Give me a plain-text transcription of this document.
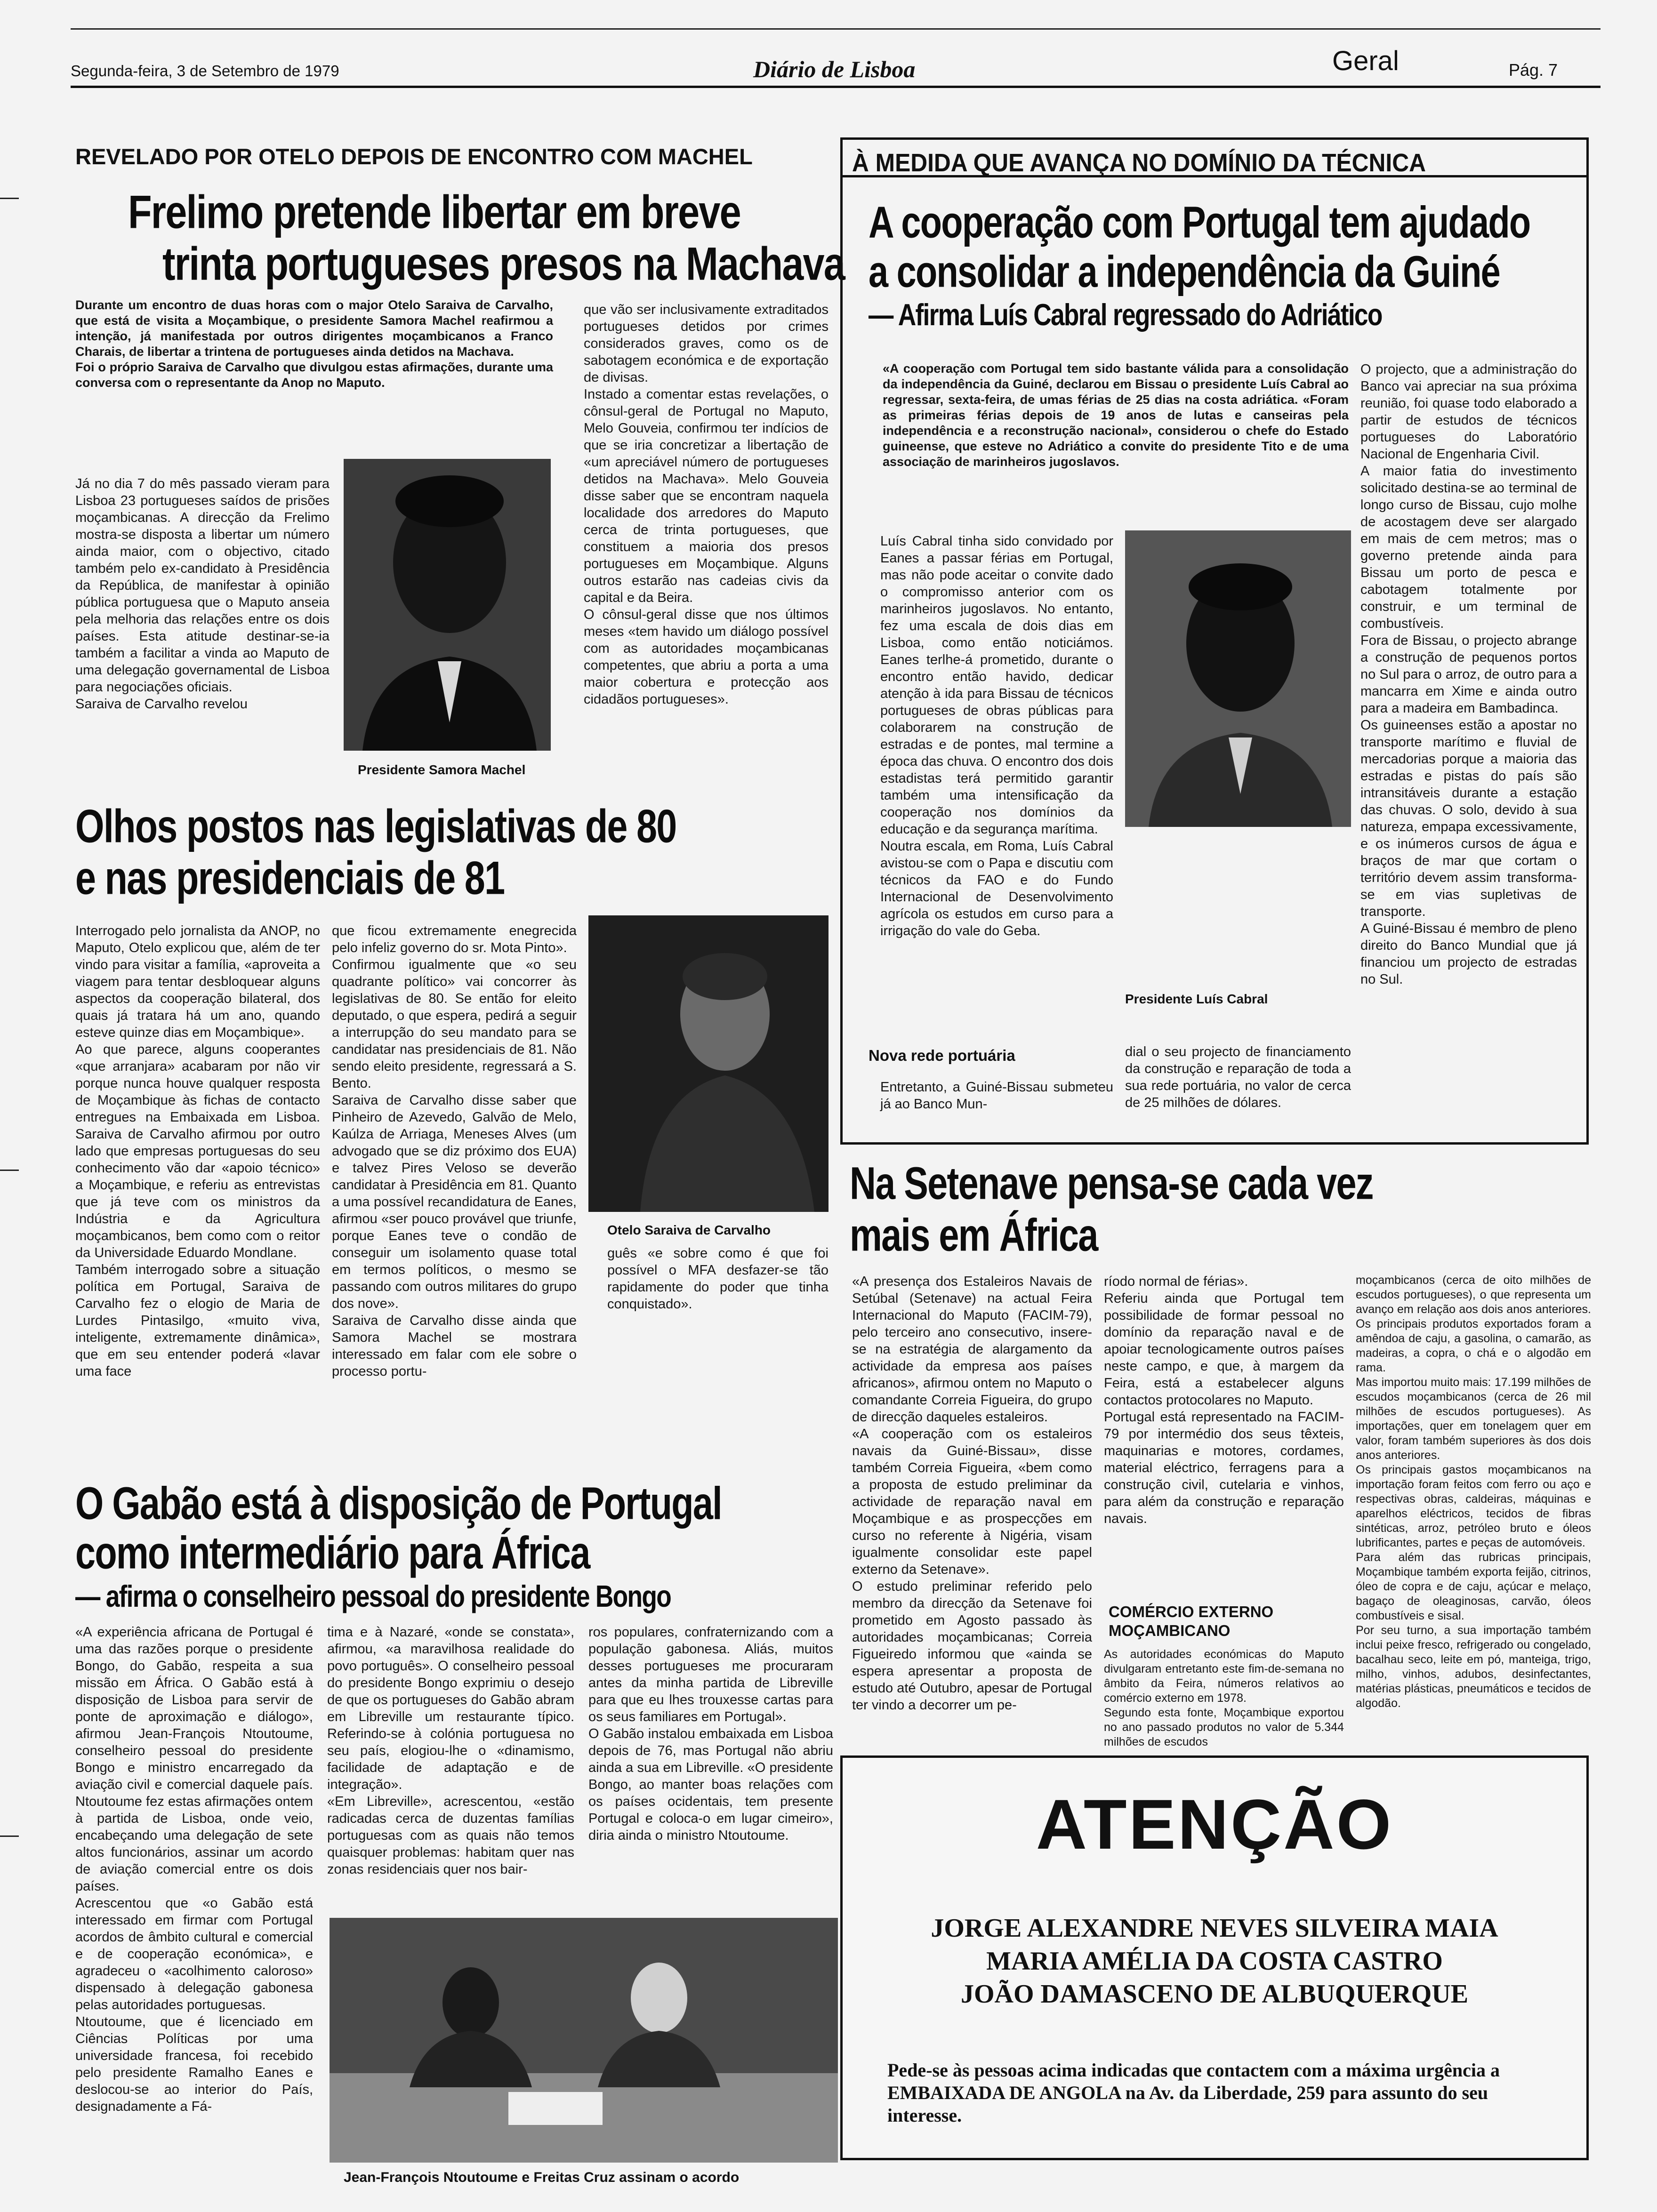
Segunda-feira, 3 de Setembro de 1979	Diário de Lisboa	Geral	Pág. 7
REVELADO POR OTELO DEPOIS DE ENCONTRO COM MACHEL
Frelimo pretende libertar em breve
trinta portugueses presos na Machava
Durante um encontro de duas horas com o major Otelo Saraiva de Carvalho, que está de visita a Moçambique, o presidente Samora Machel reafirmou a intenção, já manifestada por outros dirigentes moçambicanos a Franco Charais, de libertar a trintena de portugueses ainda detidos na Machava.
Foi o próprio Saraiva de Carvalho que divulgou estas afirmações, durante uma conversa com o representante da Anop no Maputo.
Já no dia 7 do mês passado vieram para Lisboa 23 portugueses saídos de prisões moçambicanas. A direcção da Frelimo mostra-se disposta a libertar um número ainda maior, com o objectivo, citado também pelo ex-candidato à Presidência da República, de manifestar à opinião pública portuguesa que o Maputo anseia pela melhoria das relações entre os dois países. Esta atitude destinar-se-ia também a facilitar a vinda ao Maputo de uma delegação governamental de Lisboa para negociações oficiais.
Saraiva de Carvalho revelou
Presidente Samora Machel
que vão ser inclusivamente extraditados portugueses detidos por crimes considerados graves, como os de sabotagem económica e de exportação de divisas.
Instado a comentar estas revelações, o cônsul-geral de Portugal no Maputo, Melo Gouveia, confirmou ter indícios de que se iria concretizar a libertação de «um apreciável número de portugueses detidos na Machava». Melo Gouveia disse saber que se encontram naquela localidade dos arredores do Maputo cerca de trinta portugueses, que constituem a maioria dos presos portugueses em Moçambique. Alguns outros estarão nas cadeias civis da capital e da Beira.
O cônsul-geral disse que nos últimos meses «tem havido um diálogo possível com as autoridades moçambicanas competentes, que abriu a porta a uma maior cobertura e protecção aos cidadãos portugueses».
Olhos postos nas legislativas de 80
e nas presidenciais de 81
Interrogado pelo jornalista da ANOP, no Maputo, Otelo explicou que, além de ter vindo para visitar a família, «aproveita a viagem para tentar desbloquear alguns aspectos da cooperação bilateral, dos quais já tratara há um ano, quando esteve quinze dias em Moçambique».
Ao que parece, alguns cooperantes «que arranjara» acabaram por não vir porque nunca houve qualquer resposta de Moçambique às fichas de contacto entregues na Embaixada em Lisboa. Saraiva de Carvalho afirmou por outro lado que empresas portuguesas do seu conhecimento vão dar «apoio técnico» a Moçambique, e referiu as entrevistas que já teve com os ministros da Indústria e da Agricultura moçambicanos, bem como com o reitor da Universidade Eduardo Mondlane.
Também interrogado sobre a situação política em Portugal, Saraiva de Carvalho fez o elogio de Maria de Lurdes Pintasilgo, «muito viva, inteligente, extremamente dinâmica», que em seu entender poderá «lavar uma face
que ficou extremamente enegrecida pelo infeliz governo do sr. Mota Pinto».
Confirmou igualmente que «o seu quadrante político» vai concorrer às legislativas de 80. Se então for eleito deputado, o que espera, pedirá a seguir a interrupção do seu mandato para se candidatar nas presidenciais de 81. Não sendo eleito presidente, regressará a S. Bento.
Saraiva de Carvalho disse saber que Pinheiro de Azevedo, Galvão de Melo, Kaúlza de Arriaga, Meneses Alves (um advogado que se diz próximo dos EUA) e talvez Pires Veloso se deverão candidatar à Presidência em 81. Quanto a uma possível recandidatura de Eanes, afirmou «ser pouco provável que triunfe, porque Eanes teve o condão de conseguir um isolamento quase total em termos políticos, o mesmo se passando com outros militares do grupo dos nove».
Saraiva de Carvalho disse ainda que Samora Machel se mostrara interessado em falar com ele sobre o processo portu-
Otelo Saraiva de Carvalho
guês «e sobre como é que foi possível o MFA desfazer-se tão rapidamente do poder que tinha conquistado».
O Gabão está à disposição de Portugal
como intermediário para África
— afirma o conselheiro pessoal do presidente Bongo
«A experiência africana de Portugal é uma das razões porque o presidente Bongo, do Gabão, respeita a sua missão em África. O Gabão está à disposição de Lisboa para servir de ponte de aproximação e diálogo», afirmou Jean-François Ntoutoume, conselheiro pessoal do presidente Bongo e ministro encarregado da aviação civil e comercial daquele país. Ntoutoume fez estas afirmações ontem à partida de Lisboa, onde veio, encabeçando uma delegação de sete altos funcionários, assinar um acordo de aviação comercial entre os dois países.
Acrescentou que «o Gabão está interessado em firmar com Portugal acordos de âmbito cultural e comercial e de cooperação económica», e agradeceu o «acolhimento caloroso» dispensado à delegação gabonesa pelas autoridades portuguesas.
Ntoutoume, que é licenciado em Ciências Políticas por uma universidade francesa, foi recebido pelo presidente Ramalho Eanes e deslocou-se ao interior do País, designadamente a Fá-
tima e à Nazaré, «onde se constata», afirmou, «a maravilhosa realidade do povo português». O conselheiro pessoal do presidente Bongo exprimiu o desejo de que os portugueses do Gabão abram em Libreville um restaurante típico. Referindo-se à colónia portuguesa no seu país, elogiou-lhe o «dinamismo, facilidade de adaptação e de integração».
«Em Libreville», acrescentou, «estão radicadas cerca de duzentas famílias portuguesas com as quais não temos quaisquer problemas: habitam quer nas zonas residenciais quer nos bair-
ros populares, confraternizando com a população gabonesa. Aliás, muitos desses portugueses me procuraram antes da minha partida de Libreville para que eu lhes trouxesse cartas para os seus familiares em Portugal».
O Gabão instalou embaixada em Lisboa depois de 76, mas Portugal não abriu ainda a sua em Libreville. «O presidente Bongo, ao manter boas relações com os países ocidentais, tem presente Portugal e coloca-o em lugar cimeiro», diria ainda o ministro Ntoutoume.
Jean-François Ntoutoume e Freitas Cruz assinam o acordo
À MEDIDA QUE AVANÇA NO DOMÍNIO DA TÉCNICA
A cooperação com Portugal tem ajudado
a consolidar a independência da Guiné
— Afirma Luís Cabral regressado do Adriático
«A cooperação com Portugal tem sido bastante válida para a consolidação da independência da Guiné, declarou em Bissau o presidente Luís Cabral ao regressar, sexta-feira, de umas férias de 25 dias na costa adriática. «Foram as primeiras férias depois de 19 anos de lutas e canseiras pela independência e a reconstrução nacional», considerou o chefe do Estado guineense, que esteve no Adriático a convite do presidente Tito e de uma associação de marinheiros jugoslavos.
Luís Cabral tinha sido convidado por Eanes a passar férias em Portugal, mas não pode aceitar o convite dado o compromisso anterior com os marinheiros jugoslavos. No entanto, fez uma escala de dois dias em Lisboa, como então noticiámos. Eanes terlhe-á prometido, durante o encontro então havido, dedicar atenção à ida para Bissau de técnicos portugueses de obras públicas para colaborarem na construção de estradas e de pontes, mal termine a época das chuva. O encontro dos dois estadistas terá permitido garantir também uma intensificação da cooperação nos domínios da educação e da segurança marítima.
Noutra escala, em Roma, Luís Cabral avistou-se com o Papa e discutiu com técnicos da FAO e do Fundo Internacional de Desenvolvimento agrícola os estudos em curso para a irrigação do vale do Geba.
Nova rede portuária
Entretanto, a Guiné-Bissau submeteu já ao Banco Mun-
Presidente Luís Cabral
dial o seu projecto de financiamento da construção e reparação de toda a sua rede portuária, no valor de cerca de 25 milhões de dólares.
O projecto, que a administração do Banco vai apreciar na sua próxima reunião, foi quase todo elaborado a partir de estudos de técnicos portugueses do Laboratório Nacional de Engenharia Civil.
A maior fatia do investimento solicitado destina-se ao terminal de longo curso de Bissau, cujo molhe de acostagem deve ser alargado em mais de cem metros; mas o governo pretende ainda para Bissau um porto de pesca e cabotagem totalmente por construir, e um terminal de combustíveis.
Fora de Bissau, o projecto abrange a construção de pequenos portos no Sul para o arroz, de outro para a mancarra em Xime e ainda outro para a madeira em Bambadinca.
Os guineenses estão a apostar no transporte marítimo e fluvial de mercadorias porque a maioria das estradas e pistas do país são intransitáveis durante a estação das chuvas. O solo, devido à sua natureza, empapa excessivamente, e os inúmeros cursos de água e braços de mar que cortam o território devem assim transforma-se em vias supletivas de transporte.
A Guiné-Bissau é membro de pleno direito do Banco Mundial que já financiou um projecto de estradas no Sul.
Na Setenave pensa-se cada vez
mais em África
«A presença dos Estaleiros Navais de Setúbal (Setenave) na actual Feira Internacional do Maputo (FACIM-79), pelo terceiro ano consecutivo, insere-se na estratégia de alargamento da actividade da empresa aos países africanos», afirmou ontem no Maputo o comandante Correia Figueira, do grupo de direcção daqueles estaleiros.
«A cooperação com os estaleiros navais da Guiné-Bissau», disse também Correia Figueira, «bem como a proposta de estudo preliminar da actividade de reparação naval em Moçambique e as prospecções em curso no referente à Nigéria, visam igualmente consolidar este papel externo da Setenave».
O estudo preliminar referido pelo membro da direcção da Setenave foi prometido em Agosto passado às autoridades moçambicanas; Correia Figueiredo informou que «ainda se espera apresentar a proposta de estudo até Outubro, apesar de Portugal ter vindo a decorrer um pe-
ríodo normal de férias».
Referiu ainda que Portugal tem possibilidade de formar pessoal no domínio da reparação naval e de apoiar tecnologicamente outros países neste campo, e que, à margem da Feira, está a estabelecer alguns contactos protocolares no Maputo.
Portugal está representado na FACIM-79 por intermédio dos seus têxteis, maquinarias e motores, cordames, material eléctrico, ferragens para a construção civil, cutelaria e vinhos, para além da construção e reparação navais.
COMÉRCIO EXTERNO MOÇAMBICANO
As autoridades económicas do Maputo divulgaram entretanto este fim-de-semana no âmbito da Feira, números relativos ao comércio externo em 1978.
Segundo esta fonte, Moçambique exportou no ano passado produtos no valor de 5.344 milhões de escudos
moçambicanos (cerca de oito milhões de escudos portugueses), o que representa um avanço em relação aos dois anos anteriores. Os principais produtos exportados foram a amêndoa de caju, a gasolina, o camarão, as madeiras, a copra, o chá e o algodão em rama.
Mas importou muito mais: 17.199 milhões de escudos moçambicanos (cerca de 26 mil milhões de escudos portugueses). As importações, quer em tonelagem quer em valor, foram também superiores às dos dois anos anteriores.
Os principais gastos moçambicanos na importação foram feitos com ferro ou aço e respectivas obras, caldeiras, máquinas e aparelhos eléctricos, tecidos de fibras sintéticas, arroz, petróleo bruto e óleos lubrificantes, partes e peças de automóveis.
Para além das rubricas principais, Moçambique também exporta feijão, citrinos, óleo de copra e de caju, açúcar e melaço, bagaço de oleaginosas, carvão, óleos combustíveis e sisal.
Por seu turno, a sua importação também inclui peixe fresco, refrigerado ou congelado, bacalhau seco, leite em pó, manteiga, trigo, milho, vinhos, adubos, desinfectantes, matérias plásticas, pneumáticos e tecidos de algodão.
ATENÇÃO
JORGE ALEXANDRE NEVES SILVEIRA MAIA
MARIA AMÉLIA DA COSTA CASTRO
JOÃO DAMASCENO DE ALBUQUERQUE
Pede-se às pessoas acima indicadas que contactem com a máxima urgência a EMBAIXADA DE ANGOLA na Av. da Liberdade, 259 para assunto do seu interesse.
